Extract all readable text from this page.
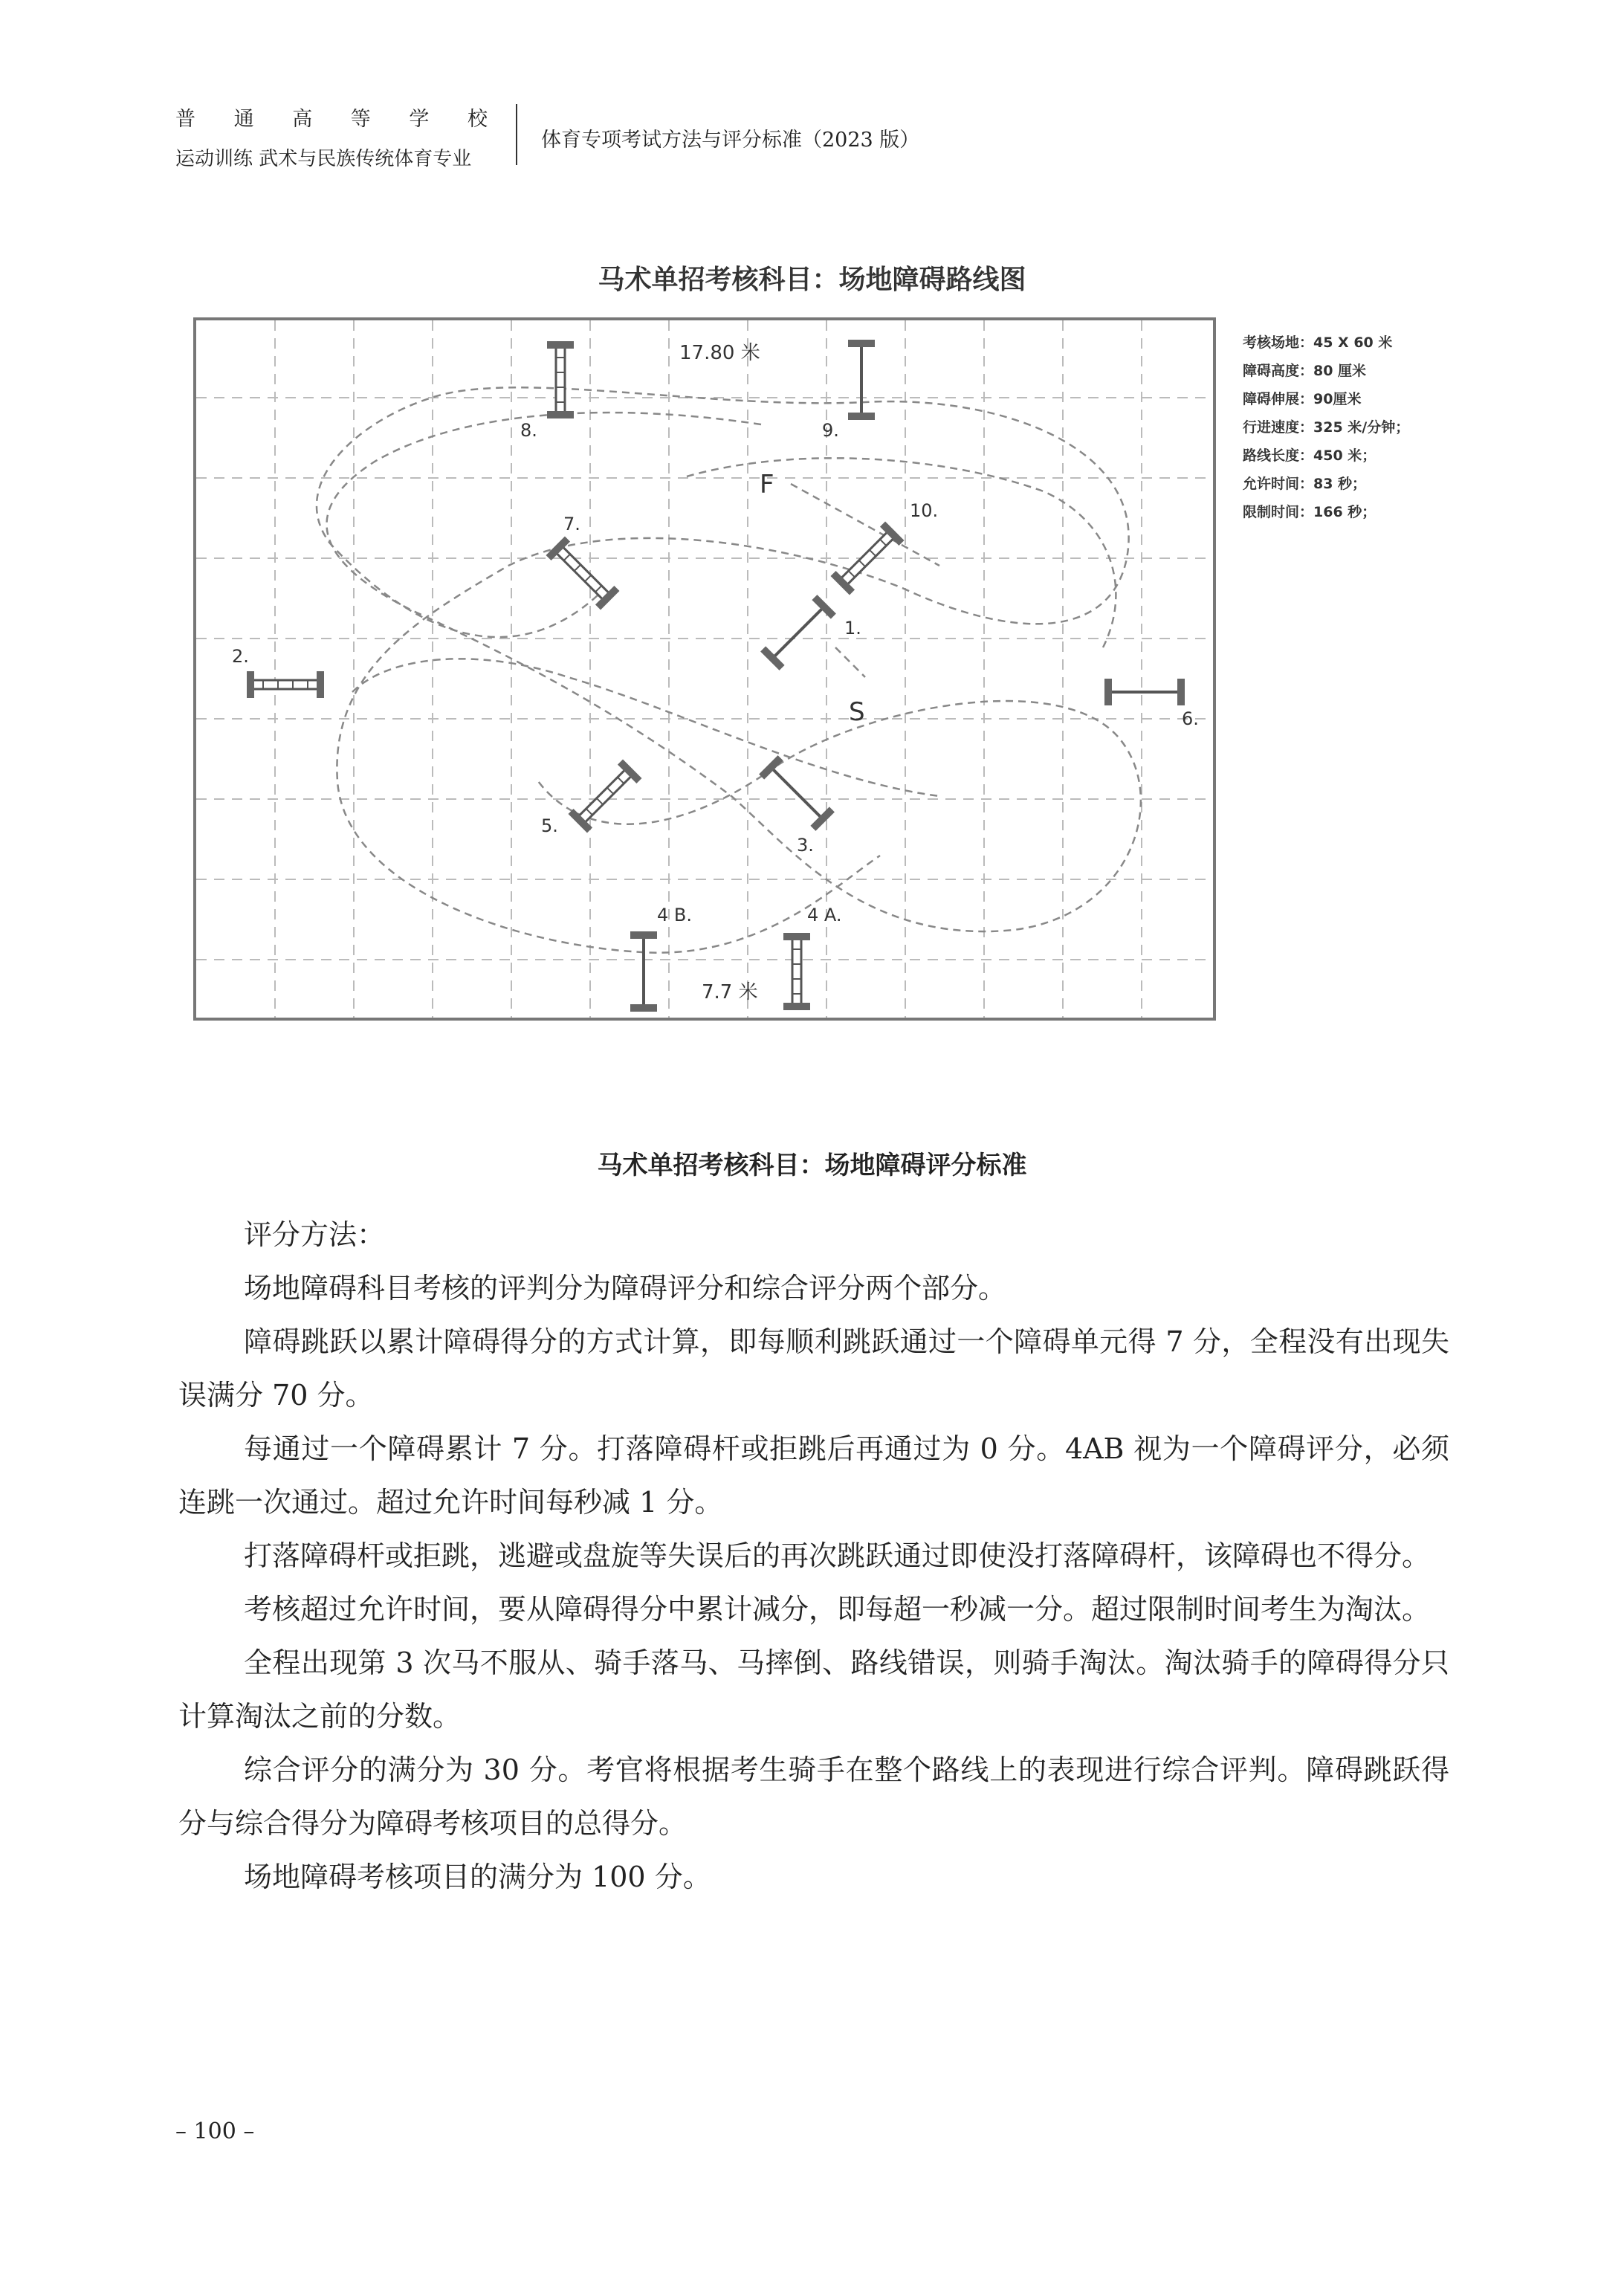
普 通 高 等 学 校
运动训练 武术与民族传统体育专业
体育专项考试方法与评分标准（2023 版）
马术单招考核科目：场地障碍路线图
17.80 米
7.7 米
S
F
2.
8.	9.
7.
10.
1.
6.
5.
3.
4 B.	4 A.
考核场地：45 X 60 米
障碍高度：80 厘米
障碍伸展：90厘米
行进速度：325 米/分钟；
路线长度：450 米；
允许时间：83 秒；
限制时间：166 秒；
马术单招考核科目：场地障碍评分标准

评分方法：

场地障碍科目考核的评判分为障碍评分和综合评分两个部分。

障碍跳跃以累计障碍得分的方式计算，即每顺利跳跃通过一个障碍单元得 7 分，全程没有出现失误满分 70 分。

每通过一个障碍累计 7 分。打落障碍杆或拒跳后再通过为 0 分。4AB 视为一个障碍评分，必须连跳一次通过。超过允许时间每秒减 1 分。

打落障碍杆或拒跳，逃避或盘旋等失误后的再次跳跃通过即使没打落障碍杆，该障碍也不得分。

考核超过允许时间，要从障碍得分中累计减分，即每超一秒减一分。超过限制时间考生为淘汰。

全程出现第 3 次马不服从、骑手落马、马摔倒、路线错误，则骑手淘汰。淘汰骑手的障碍得分只计算淘汰之前的分数。

综合评分的满分为 30 分。考官将根据考生骑手在整个路线上的表现进行综合评判。障碍跳跃得分与综合得分为障碍考核项目的总得分。

场地障碍考核项目的满分为 100 分。

– 100 –
